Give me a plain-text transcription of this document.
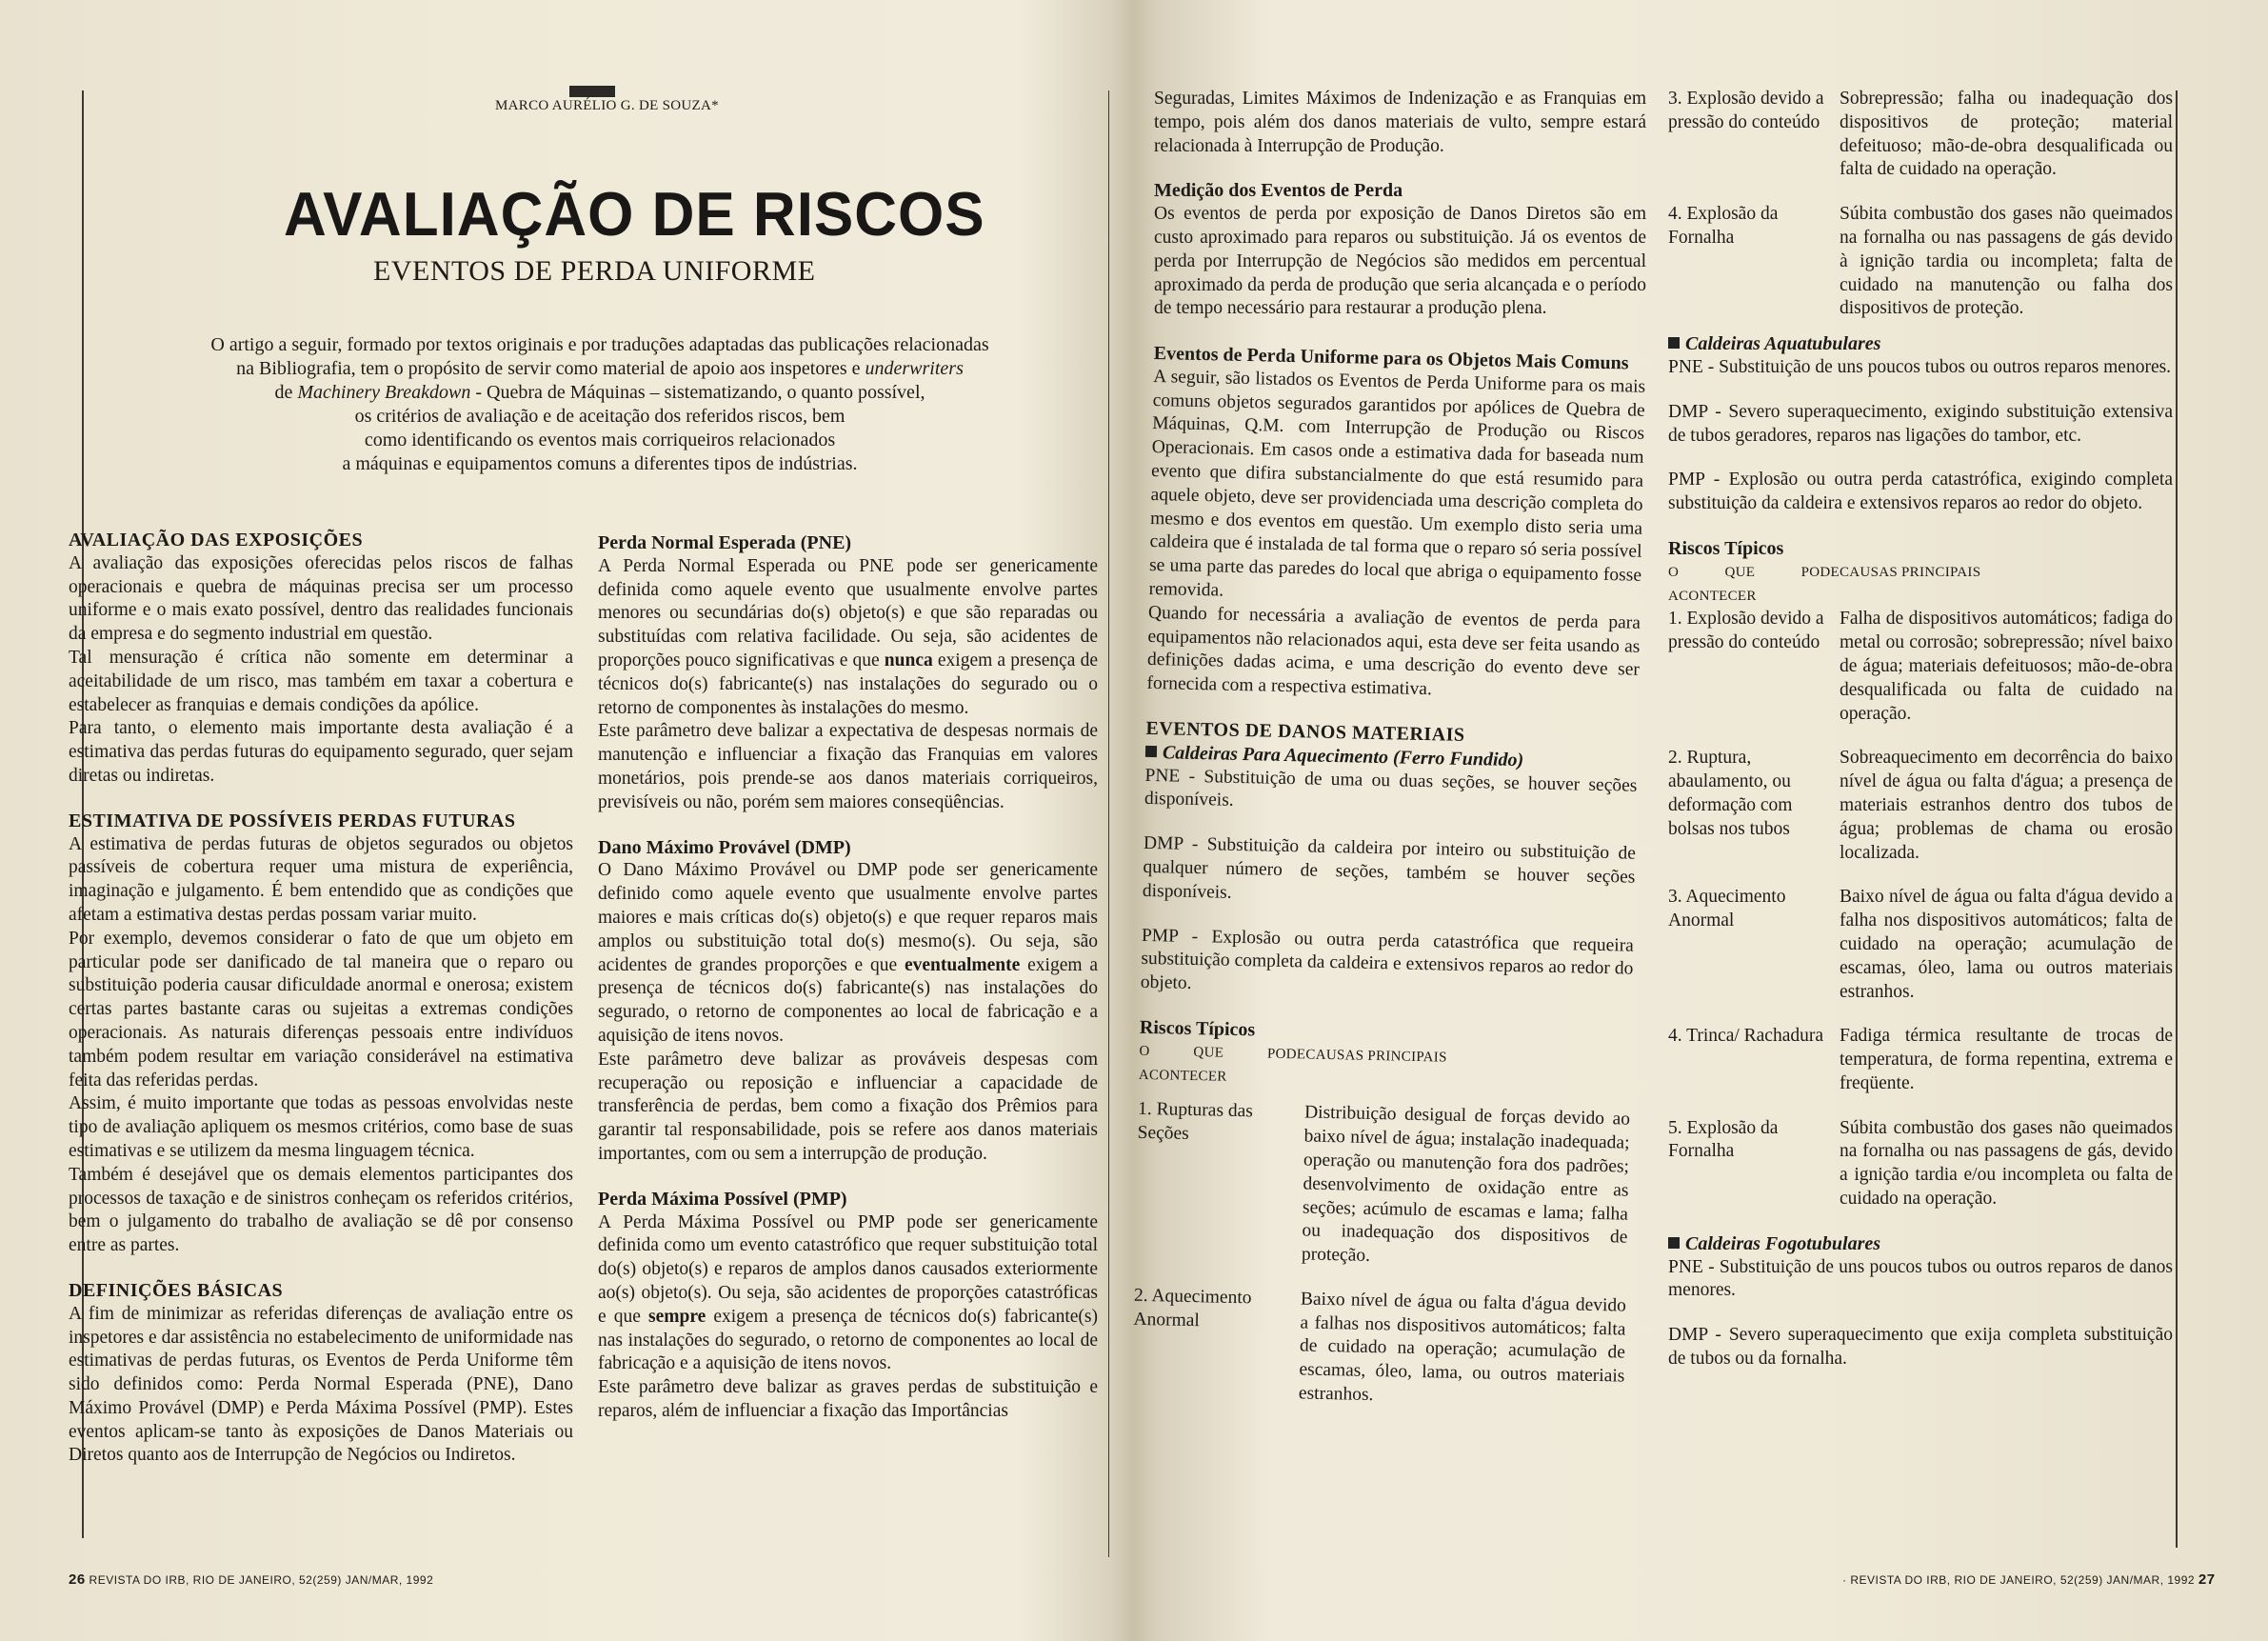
MARCO AURÉLIO G. DE SOUZA*
AVALIAÇÃO DE RISCOS
EVENTOS DE PERDA UNIFORME
O artigo a seguir, formado por textos originais e por traduções adaptadas das publicações relacionadas
na Bibliografia, tem o propósito de servir como material de apoio aos inspetores e underwriters
de Machinery Breakdown - Quebra de Máquinas – sistematizando, o quanto possível,
os critérios de avaliação e de aceitação dos referidos riscos, bem
como identificando os eventos mais corriqueiros relacionados
a máquinas e equipamentos comuns a diferentes tipos de indústrias.
AVALIAÇÃO DAS EXPOSIÇÕES

A avaliação das exposições oferecidas pelos riscos de falhas operacionais e quebra de máquinas precisa ser um processo uniforme e o mais exato possível, dentro das realidades funcionais da empresa e do segmento industrial em questão.

Tal mensuração é crítica não somente em determinar a aceitabilidade de um risco, mas também em taxar a cobertura e estabelecer as franquias e demais condições da apólice.

Para tanto, o elemento mais importante desta avaliação é a estimativa das perdas futuras do equipamento segurado, quer sejam diretas ou indiretas.

ESTIMATIVA DE POSSÍVEIS PERDAS FUTURAS

A estimativa de perdas futuras de objetos segurados ou objetos passíveis de cobertura requer uma mistura de experiência, imaginação e julgamento. É bem entendido que as condições que afetam a estimativa destas perdas possam variar muito.

Por exemplo, devemos considerar o fato de que um objeto em particular pode ser danificado de tal maneira que o reparo ou substituição poderia causar dificuldade anormal e onerosa; existem certas partes bastante caras ou sujeitas a extremas condições operacionais. As naturais diferenças pessoais entre indivíduos também podem resultar em variação considerável na estimativa feita das referidas perdas.

Assim, é muito importante que todas as pessoas envolvidas neste tipo de avaliação apliquem os mesmos critérios, como base de suas estimativas e se utilizem da mesma linguagem técnica.

Também é desejável que os demais elementos participantes dos processos de taxação e de sinistros conheçam os referidos critérios, bem o julgamento do trabalho de avaliação se dê por consenso entre as partes.

DEFINIÇÕES BÁSICAS

A fim de minimizar as referidas diferenças de avaliação entre os inspetores e dar assistência no estabelecimento de uniformidade nas estimativas de perdas futuras, os Eventos de Perda Uniforme têm sido definidos como: Perda Normal Esperada (PNE), Dano Máximo Provável (DMP) e Perda Máxima Possível (PMP). Estes eventos aplicam-se tanto às exposições de Danos Materiais ou Diretos quanto aos de Interrupção de Negócios ou Indiretos.

Perda Normal Esperada (PNE)

A Perda Normal Esperada ou PNE pode ser genericamente definida como aquele evento que usualmente envolve partes menores ou secundárias do(s) objeto(s) e que são reparadas ou substituídas com relativa facilidade. Ou seja, são acidentes de proporções pouco significativas e que nunca exigem a presença de técnicos do(s) fabricante(s) nas instalações do segurado ou o retorno de componentes às instalações do mesmo.

Este parâmetro deve balizar a expectativa de despesas normais de manutenção e influenciar a fixação das Franquias em valores monetários, pois prende-se aos danos materiais corriqueiros, previsíveis ou não, porém sem maiores conseqüências.

Dano Máximo Provável (DMP)

O Dano Máximo Provável ou DMP pode ser genericamente definido como aquele evento que usualmente envolve partes maiores e mais críticas do(s) objeto(s) e que requer reparos mais amplos ou substituição total do(s) mesmo(s). Ou seja, são acidentes de grandes proporções e que eventualmente exigem a presença de técnicos do(s) fabricante(s) nas instalações do segurado, o retorno de componentes ao local de fabricação e a aquisição de itens novos.

Este parâmetro deve balizar as prováveis despesas com recuperação ou reposição e influenciar a capacidade de transferência de perdas, bem como a fixação dos Prêmios para garantir tal responsabilidade, pois se refere aos danos materiais importantes, com ou sem a interrupção de produção.

Perda Máxima Possível (PMP)

A Perda Máxima Possível ou PMP pode ser genericamente definida como um evento catastrófico que requer substituição total do(s) objeto(s) e reparos de amplos danos causados exteriormente ao(s) objeto(s). Ou seja, são acidentes de proporções catastróficas e que sempre exigem a presença de técnicos do(s) fabricante(s) nas instalações do segurado, o retorno de componentes ao local de fabricação e a aquisição de itens novos.

Este parâmetro deve balizar as graves perdas de substituição e reparos, além de influenciar a fixação das Importâncias

Seguradas, Limites Máximos de Indenização e as Franquias em tempo, pois além dos danos materiais de vulto, sempre estará relacionada à Interrupção de Produção.

Medição dos Eventos de Perda

Os eventos de perda por exposição de Danos Diretos são em custo aproximado para reparos ou substituição. Já os eventos de perda por Interrupção de Negócios são medidos em percentual aproximado da perda de produção que seria alcançada e o período de tempo necessário para restaurar a produção plena.

Eventos de Perda Uniforme para os Objetos Mais Comuns

A seguir, são listados os Eventos de Perda Uniforme para os mais comuns objetos segurados garantidos por apólices de Quebra de Máquinas, Q.M. com Interrupção de Produção ou Riscos Operacionais. Em casos onde a estimativa dada for baseada num evento que difira substancialmente do que está resumido para aquele objeto, deve ser providenciada uma descrição completa do mesmo e dos eventos em questão. Um exemplo disto seria uma caldeira que é instalada de tal forma que o reparo só seria possível se uma parte das paredes do local que abriga o equipamento fosse removida.

Quando for necessária a avaliação de eventos de perda para equipamentos não relacionados aqui, esta deve ser feita usando as definições dadas acima, e uma descrição do evento deve ser fornecida com a respectiva estimativa.

EVENTOS DE DANOS MATERIAIS
Caldeiras Para Aquecimento (Ferro Fundido)

PNE - Substituição de uma ou duas seções, se houver seções disponíveis.

DMP - Substituição da caldeira por inteiro ou substituição de qualquer número de seções, também se houver seções disponíveis.

PMP - Explosão ou outra perda catastrófica que requeira substituição completa da caldeira e extensivos reparos ao redor do objeto.

Riscos Típicos
O QUE PODE ACONTECER
CAUSAS PRINCIPAIS
1. Rupturas das Seções
Distribuição desigual de forças devido ao baixo nível de água; instalação inadequada; operação ou manutenção fora dos padrões; desenvolvimento de oxidação entre as seções; acúmulo de escamas e lama; falha ou inadequação dos dispositivos de proteção.
2. Aquecimento Anormal
Baixo nível de água ou falta d'água devido a falhas nos dispositivos automáticos; falta de cuidado na operação; acumulação de escamas, óleo, lama, ou outros materiais estranhos.
3. Explosão devido a pressão do conteúdo
Sobrepressão; falha ou inadequação dos dispositivos de proteção; material defeituoso; mão-de-obra desqualificada ou falta de cuidado na operação.
4. Explosão da Fornalha
Súbita combustão dos gases não queimados na fornalha ou nas passagens de gás devido à ignição tardia ou incompleta; falta de cuidado na manutenção ou falha dos dispositivos de proteção.
Caldeiras Aquatubulares

PNE - Substituição de uns poucos tubos ou outros reparos menores.

DMP - Severo superaquecimento, exigindo substituição extensiva de tubos geradores, reparos nas ligações do tambor, etc.

PMP - Explosão ou outra perda catastrófica, exigindo completa substituição da caldeira e extensivos reparos ao redor do objeto.

Riscos Típicos
O QUE PODE ACONTECER
CAUSAS PRINCIPAIS
1. Explosão devido a pressão do conteúdo
Falha de dispositivos automáticos; fadiga do metal ou corrosão; sobrepressão; nível baixo de água; materiais defeituosos; mão-de-obra desqualificada ou falta de cuidado na operação.
2. Ruptura, abaulamento, ou deformação com bolsas nos tubos
Sobreaquecimento em decorrência do baixo nível de água ou falta d'água; a presença de materiais estranhos dentro dos tubos de água; problemas de chama ou erosão localizada.
3. Aquecimento Anormal
Baixo nível de água ou falta d'água devido a falha nos dispositivos automáticos; falta de cuidado na operação; acumulação de escamas, óleo, lama ou outros materiais estranhos.
4. Trinca/ Rachadura Fadiga térmica resultante de trocas de temperatura, de forma repentina, extrema e freqüente.
5. Explosão da Fornalha
Súbita combustão dos gases não queimados na fornalha ou nas passagens de gás, devido a ignição tardia e/ou incompleta ou falta de cuidado na operação.
Caldeiras Fogotubulares

PNE - Substituição de uns poucos tubos ou outros reparos de danos menores.

DMP - Severo superaquecimento que exija completa substituição de tubos ou da fornalha.

26 REVISTA DO IRB, RIO DE JANEIRO, 52(259) JAN/MAR, 1992	· REVISTA DO IRB, RIO DE JANEIRO, 52(259) JAN/MAR, 1992 27
